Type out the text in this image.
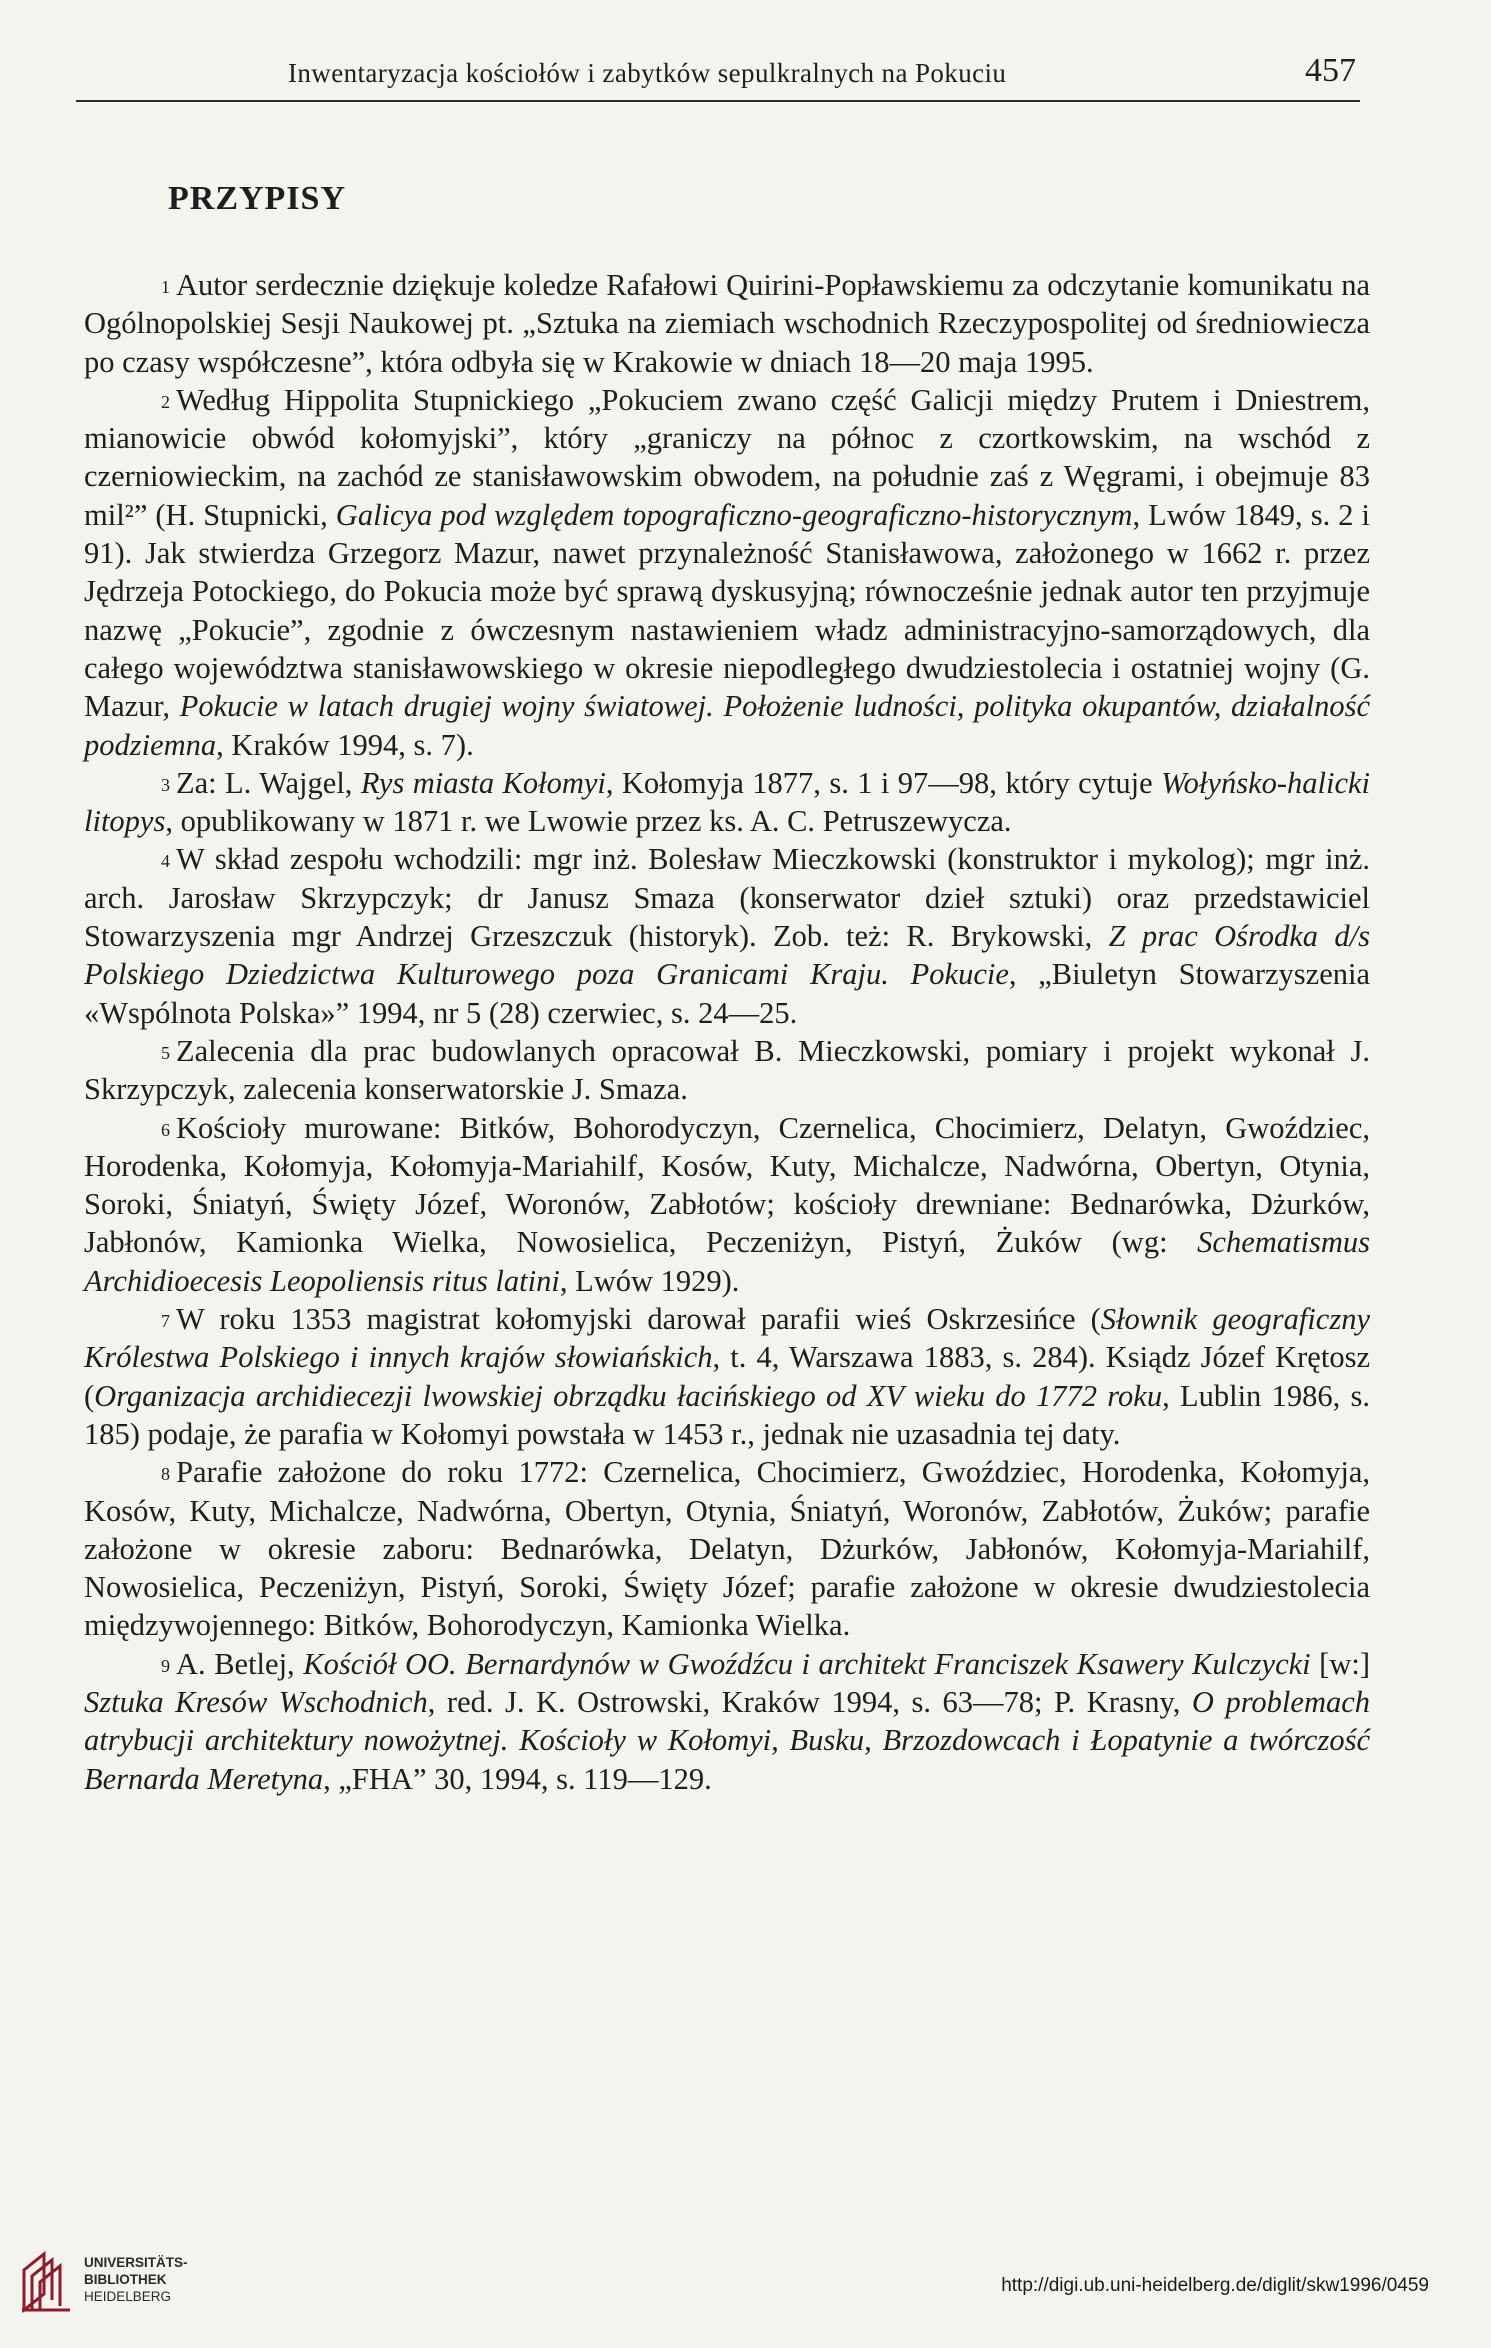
Inwentaryzacja kościołów i zabytków sepulkralnych na Pokuciu	457
PRZYPISY

$^1$ Autor serdecznie dziękuje koledze Rafałowi Quirini-Popławskiemu za odczytanie komunikatu na Ogólnopolskiej Sesji Naukowej pt. „Sztuka na ziemiach wschodnich Rzeczypospolitej od średniowiecza po czasy współczesne”, która odbyła się w Krakowie w dniach 18—20 maja 1995.

$^2$ Według Hippolita Stupnickiego „Pokuciem zwano część Galicji między Prutem i Dniestrem, mianowicie obwód kołomyjski”, który „graniczy na północ z czortkowskim, na wschód z czerniowieckim, na zachód ze stanisławowskim obwodem, na południe zaś z Węgrami, i obejmuje 83 mil²” (H. Stupnicki, Galicya pod względem topograficzno-geograficzno-historycznym, Lwów 1849, s. 2 i 91). Jak stwierdza Grzegorz Mazur, nawet przynależność Stanisławowa, założonego w 1662 r. przez Jędrzeja Potockiego, do Pokucia może być sprawą dyskusyjną; równocześnie jednak autor ten przyjmuje nazwę „Pokucie”, zgodnie z ówczesnym nastawieniem władz administracyjno-samorządowych, dla całego województwa stanisławowskiego w okresie niepodległego dwudziestolecia i ostatniej wojny (G. Mazur, Pokucie w latach drugiej wojny światowej. Położenie ludności, polityka okupantów, działalność podziemna, Kraków 1994, s. 7).

$^3$ Za: L. Wajgel, Rys miasta Kołomyi, Kołomyja 1877, s. 1 i 97—98, który cytuje Wołyńsko-halicki litopys, opublikowany w 1871 r. we Lwowie przez ks. A. C. Petruszewycza.

$^4$ W skład zespołu wchodzili: mgr inż. Bolesław Mieczkowski (konstruktor i mykolog); mgr inż. arch. Jarosław Skrzypczyk; dr Janusz Smaza (konserwator dzieł sztuki) oraz przedstawiciel Stowarzyszenia mgr Andrzej Grzeszczuk (historyk). Zob. też: R. Brykowski, Z prac Ośrodka d/s Polskiego Dziedzictwa Kulturowego poza Granicami Kraju. Pokucie, „Biuletyn Stowarzyszenia «Wspólnota Polska»” 1994, nr 5 (28) czerwiec, s. 24—25.

$^5$ Zalecenia dla prac budowlanych opracował B. Mieczkowski, pomiary i projekt wykonał J. Skrzypczyk, zalecenia konserwatorskie J. Smaza.

$^6$ Kościoły murowane: Bitków, Bohorodyczyn, Czernelica, Chocimierz, Delatyn, Gwoździec, Horodenka, Kołomyja, Kołomyja-Mariahilf, Kosów, Kuty, Michalcze, Nadwórna, Obertyn, Otynia, Soroki, Śniatyń, Święty Józef, Woronów, Zabłotów; kościoły drewniane: Bednarówka, Dżurków, Jabłonów, Kamionka Wielka, Nowosielica, Peczeniżyn, Pistyń, Żuków (wg: Schematismus Archidioecesis Leopoliensis ritus latini, Lwów 1929).

$^7$ W roku 1353 magistrat kołomyjski darował parafii wieś Oskrzesińce (Słownik geograficzny Królestwa Polskiego i innych krajów słowiańskich, t. 4, Warszawa 1883, s. 284). Ksiądz Józef Krętosz (Organizacja archidiecezji lwowskiej obrządku łacińskiego od XV wieku do 1772 roku, Lublin 1986, s. 185) podaje, że parafia w Kołomyi powstała w 1453 r., jednak nie uzasadnia tej daty.

$^8$ Parafie założone do roku 1772: Czernelica, Chocimierz, Gwoździec, Horodenka, Kołomyja, Kosów, Kuty, Michalcze, Nadwórna, Obertyn, Otynia, Śniatyń, Woronów, Zabłotów, Żuków; parafie założone w okresie zaboru: Bednarówka, Delatyn, Dżurków, Jabłonów, Kołomyja-Mariahilf, Nowosielica, Peczeniżyn, Pistyń, Soroki, Święty Józef; parafie założone w okresie dwudziestolecia międzywojennego: Bitków, Bohorodyczyn, Kamionka Wielka.

$^9$ A. Betlej, Kościół OO. Bernardynów w Gwoźdźcu i architekt Franciszek Ksawery Kulczycki [w:] Sztuka Kresów Wschodnich, red. J. K. Ostrowski, Kraków 1994, s. 63—78; P. Krasny, O problemach atrybucji architektury nowożytnej. Kościoły w Kołomyi, Busku, Brzozdowcach i Łopatynie a twórczość Bernarda Meretyna, „FHA” 30, 1994, s. 119—129.

UNIVERSITÄTS-
BIBLIOTHEK
HEIDELBERG
http://digi.ub.uni-heidelberg.de/diglit/skw1996/0459
